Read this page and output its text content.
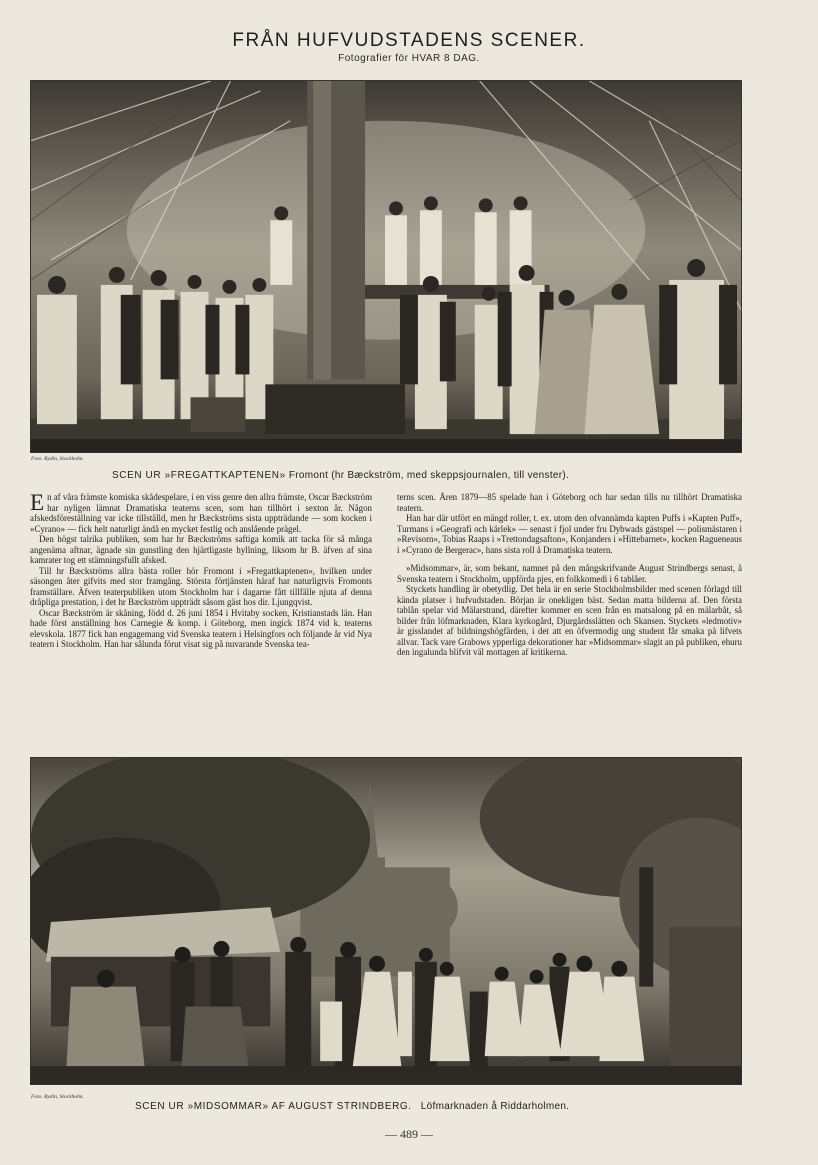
FRÅN HUFVUDSTADENS SCENER.
Fotografier för HVAR 8 DAG.
Foto. Rydin, Stockholm.
SCEN UR »FREGATTKAPTENEN» Fromont (hr Bæckström, med skeppsjournalen, till venster).

En af våra främste komiska skådespelare, i en viss genre den allra främste, Oscar Bæckström har nyligen lämnat Dramatiska teaterns scen, som han tillhört i sexton år. Någon afskedsföreställning var icke tillställd, men hr Bæckströms sista uppträdande — som kocken i »Cyrano» — fick helt naturligt ändå en mycket festlig och anslående prägel.

Den högst talrika publiken, som har hr Bæckströms saftiga komik att tacka för så många angenäma aftnar, ägnade sin gunstling den hjärtligaste hyllning, liksom hr B. äfven af sina kamrater tog ett stämningsfullt afsked.

Till hr Bæckströms allra bästa roller hör Fromont i »Fregattkaptenen», hvilken under säsongen åter gifvits med stor framgång. Största förtjänsten häraf har naturligtvis Fromonts framställare. Äfven teaterpubliken utom Stockholm har i dagarne fått tillfälle njuta af denna dråpliga prestation, i det hr Bæckström uppträdt såsom gäst hos dir. Ljungqvist.

Oscar Bæckström är skåning, född d. 26 juni 1854 i Hvitaby socken, Kristianstads län. Han hade först anställning hos Carnegie & komp. i Göteborg, men ingick 1874 vid k. teaterns elevskola. 1877 fick han engagemang vid Svenska teatern i Helsingfors och följande år vid Nya teatern i Stockholm. Han har sålunda förut visat sig på nuvarande Svenska tea-

terns scen. Åren 1879—85 spelade han i Göteborg och har sedan tills nu tillhört Dramatiska teatern.

Han har där utfört en mängd roller, t. ex. utom den ofvannämda kapten Puffs i »Kapten Puff», Turmans i »Geografi och kärlek» — senast i fjol under fru Dybwads gästspel — polismästaren i »Revisorn», Tobias Raaps i »Trettondagsafton», Konjanders i »Hittebarnet», kocken Ragueneaus i »Cyrano de Bergerac», hans sista roll å Dramatiska teatern.

*

»Midsommar», är, som bekant, namnet på den mångskrifvande August Strindbergs senast, å Svenska teatern i Stockholm, uppförda pjes, en folkkomedi i 6 tablåer.

Styckets handling är obetydlig. Det hela är en serie Stockholmsbilder med scenen förlagd till kända platser i hufvudstaden. Början är onekligen bäst. Sedan matta bilderna af. Den första tablån spelar vid Mälarstrand, därefter kommer en scen från en matsalong på en mälarbåt, så bilder från löfmarknaden, Klara kyrkogård, Djurgårdsslätten och Skansen. Styckets »ledmotiv» är gisslandet af bildningshögfärden, i det att en öfvermodig ung student får smaka på lifvets allvar. Tack vare Grabows ypperliga dekorationer har »Midsommar» slagit an på publiken, ehuru den ingalunda blifvit väl mottagen af kritikerna.

Foto. Rydin, Stockholm.
SCEN UR »MIDSOMMAR» AF AUGUST STRINDBERG. Löfmarknaden å Riddarholmen.
— 489 —
